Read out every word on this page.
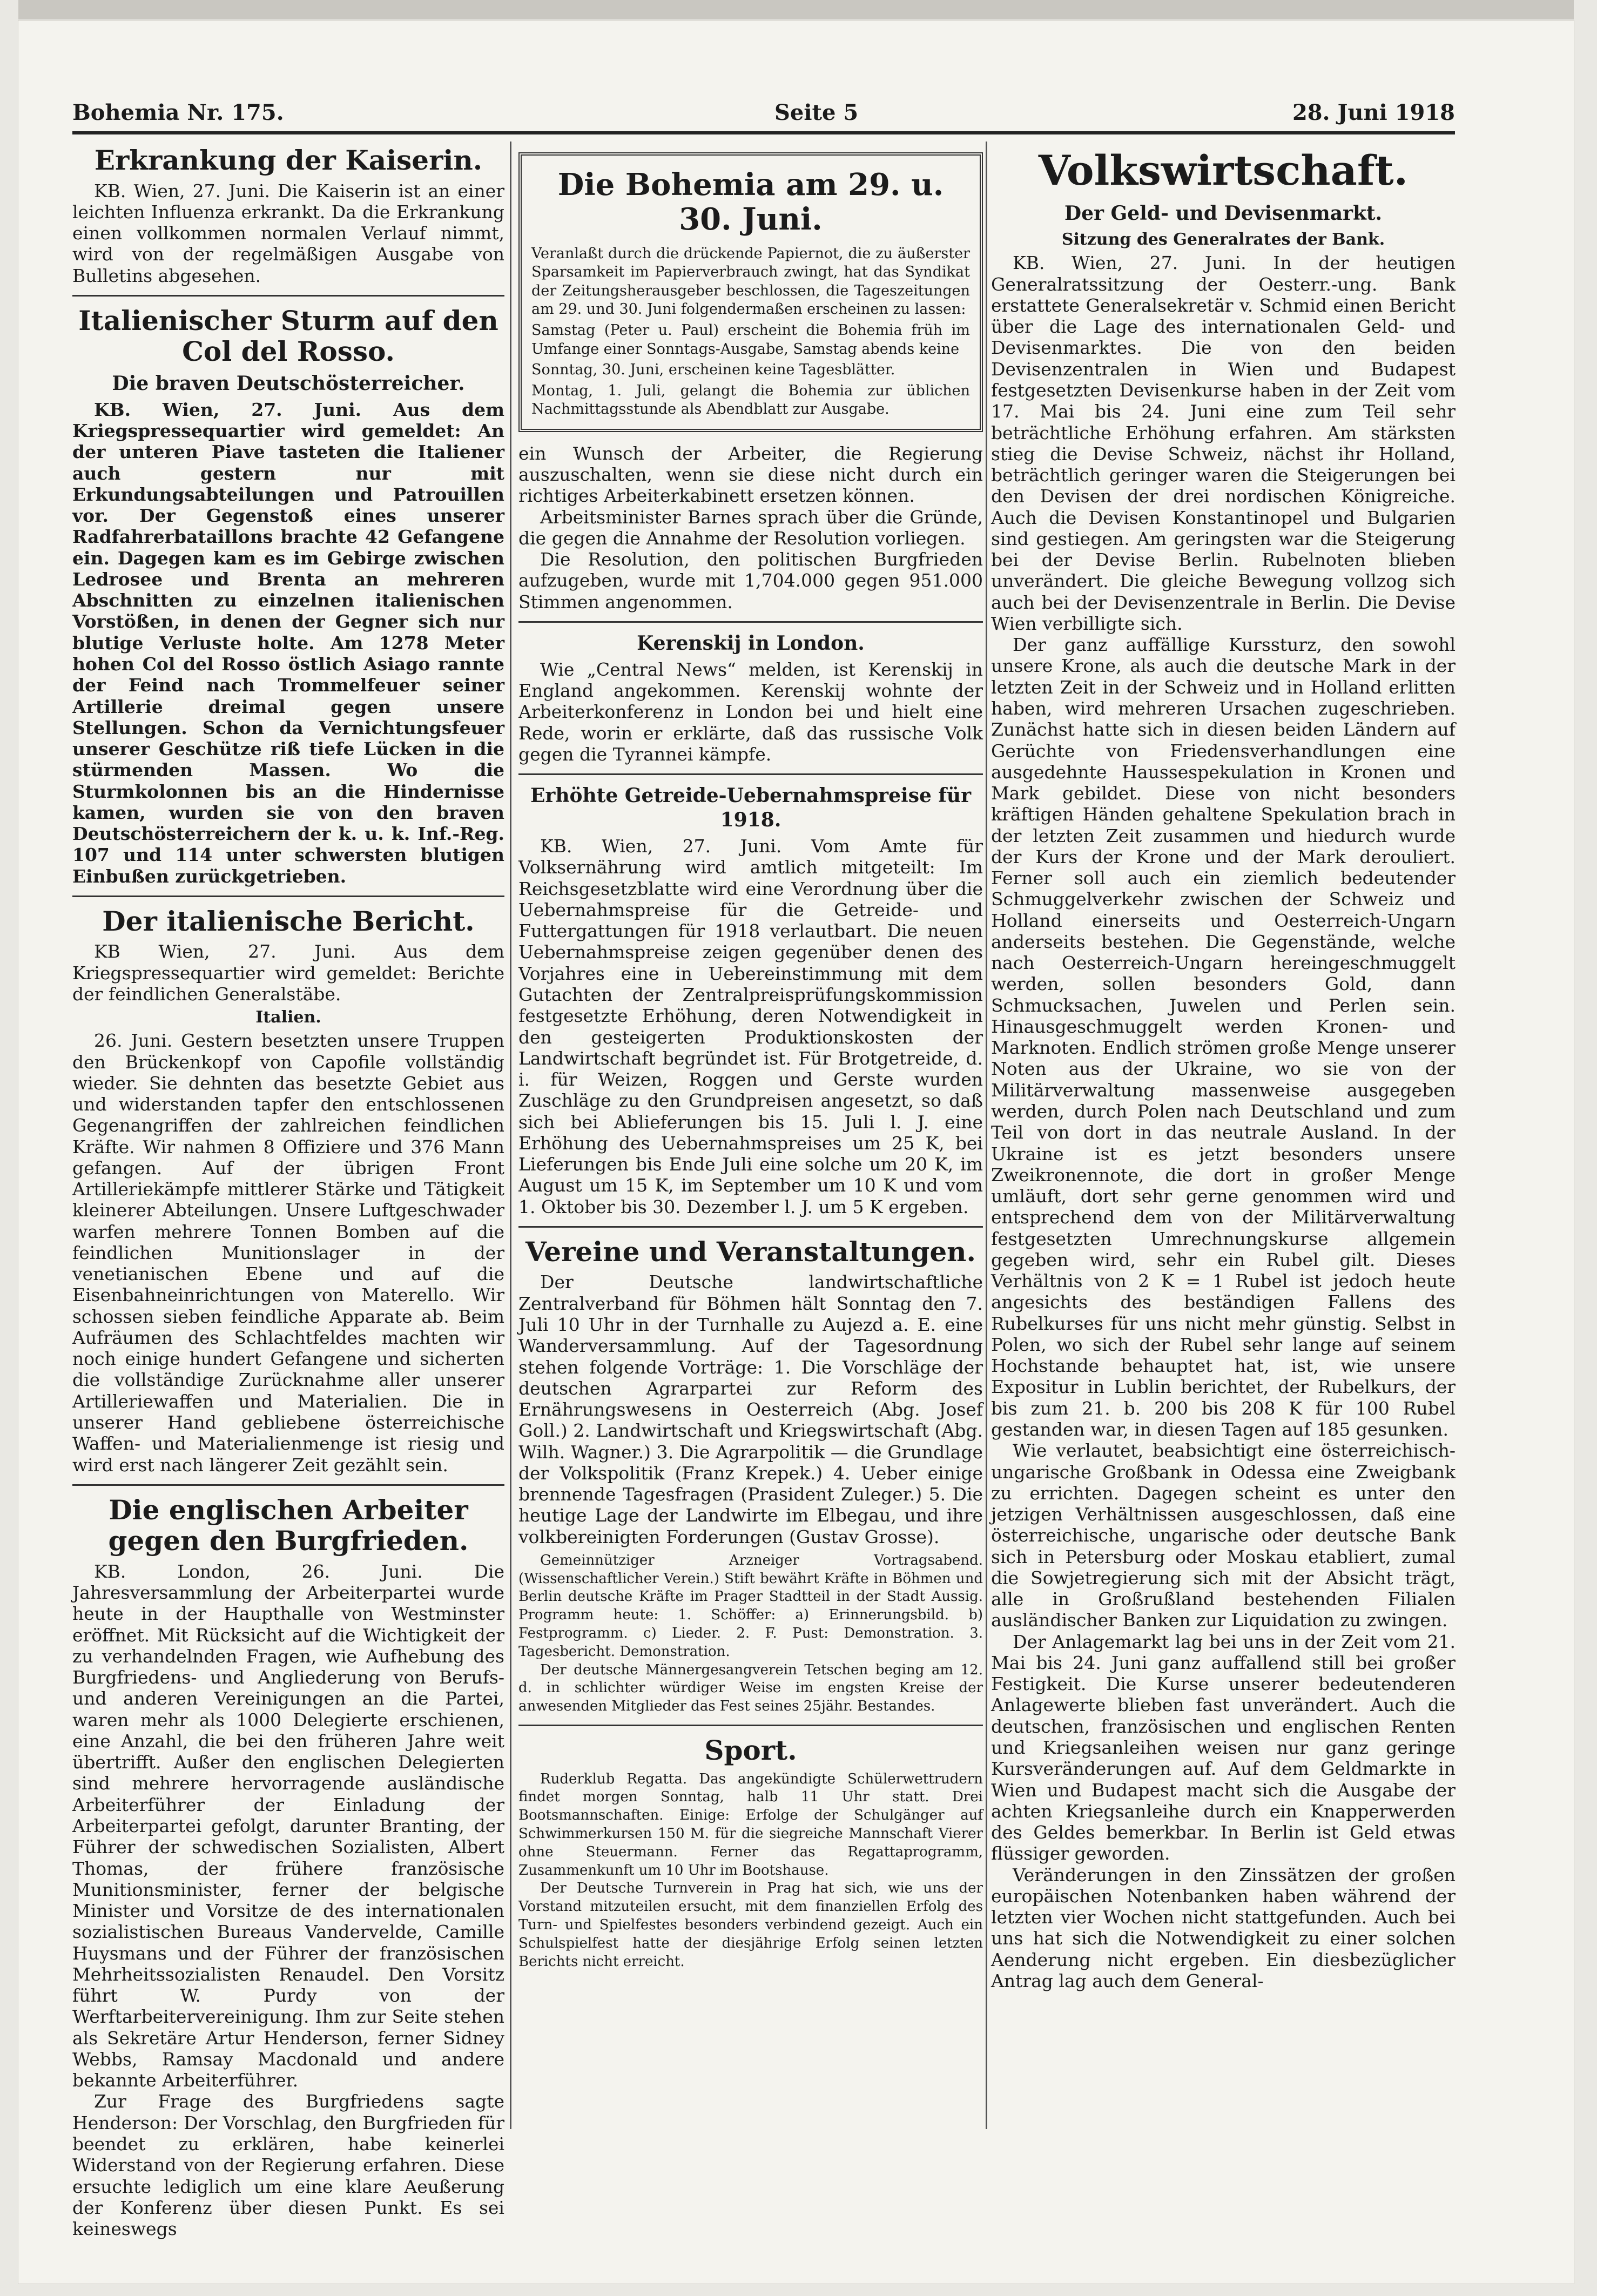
Bohemia Nr. 175.	Seite 5	28. Juni 1918
Erkrankung der Kaiserin.

KB. Wien, 27. Juni. Die Kaiserin ist an einer leichten Influenza erkrankt. Da die Erkrankung einen vollkommen normalen Verlauf nimmt, wird von der regelmäßigen Ausgabe von Bulletins abgesehen.

Italienischer Sturm auf den Col del Rosso.
Die braven Deutschösterreicher.

KB. Wien, 27. Juni. Aus dem Kriegspressequartier wird gemeldet: An der unteren Piave tasteten die Italiener auch gestern nur mit Erkundungsabteilungen und Patrouillen vor. Der Gegenstoß eines unserer Radfahrerbataillons brachte 42 Gefangene ein. Dagegen kam es im Gebirge zwischen Ledrosee und Brenta an mehreren Abschnitten zu einzelnen italienischen Vorstößen, in denen der Gegner sich nur blutige Verluste holte. Am 1278 Meter hohen Col del Rosso östlich Asiago rannte der Feind nach Trommelfeuer seiner Artillerie dreimal gegen unsere Stellungen. Schon da Vernichtungsfeuer unserer Geschütze riß tiefe Lücken in die stürmenden Massen. Wo die Sturmkolonnen bis an die Hindernisse kamen, wurden sie von den braven Deutschösterreichern der k. u. k. Inf.-Reg. 107 und 114 unter schwersten blutigen Einbußen zurückgetrieben.

Der italienische Bericht.

KB Wien, 27. Juni. Aus dem Kriegspressequartier wird gemeldet: Berichte der feindlichen Generalstäbe.

Italien.

26. Juni. Gestern besetzten unsere Truppen den Brückenkopf von Capofile vollständig wieder. Sie dehnten das besetzte Gebiet aus und widerstanden tapfer den entschlossenen Gegenangriffen der zahlreichen feindlichen Kräfte. Wir nahmen 8 Offiziere und 376 Mann gefangen. Auf der übrigen Front Artilleriekämpfe mittlerer Stärke und Tätigkeit kleinerer Abteilungen. Unsere Luftgeschwader warfen mehrere Tonnen Bomben auf die feindlichen Munitionslager in der venetianischen Ebene und auf die Eisenbahneinrichtungen von Materello. Wir schossen sieben feindliche Apparate ab. Beim Aufräumen des Schlachtfeldes machten wir noch einige hundert Gefangene und sicherten die vollständige Zurücknahme aller unserer Artilleriewaffen und Materialien. Die in unserer Hand gebliebene österreichische Waffen- und Materialienmenge ist riesig und wird erst nach längerer Zeit gezählt sein.

Die englischen Arbeiter gegen den Burgfrieden.

KB. London, 26. Juni. Die Jahresversammlung der Arbeiterpartei wurde heute in der Haupthalle von Westminster eröffnet. Mit Rücksicht auf die Wichtigkeit der zu verhandelnden Fragen, wie Aufhebung des Burgfriedens- und Angliederung von Berufs- und anderen Vereinigungen an die Partei, waren mehr als 1000 Delegierte erschienen, eine Anzahl, die bei den früheren Jahre weit übertrifft. Außer den englischen Delegierten sind mehrere hervorragende ausländische Arbeiterführer der Einladung der Arbeiterpartei gefolgt, darunter Branting, der Führer der schwedischen Sozialisten, Albert Thomas, der frühere französische Munitionsminister, ferner der belgische Minister und Vorsitze de des internationalen sozialistischen Bureaus Vandervelde, Camille Huysmans und der Führer der französischen Mehrheitssozialisten Renaudel. Den Vorsitz führt W. Purdy von der Werftarbeitervereinigung. Ihm zur Seite stehen als Sekretäre Artur Henderson, ferner Sidney Webbs, Ramsay Macdonald und andere bekannte Arbeiterführer.

Zur Frage des Burgfriedens sagte Henderson: Der Vorschlag, den Burgfrieden für beendet zu erklären, habe keinerlei Widerstand von der Regierung erfahren. Diese ersuchte lediglich um eine klare Aeußerung der Konferenz über diesen Punkt. Es sei keineswegs

Die Bohemia am 29. u. 30. Juni.

Veranlaßt durch die drückende Papiernot, die zu äußerster Sparsamkeit im Papierverbrauch zwingt, hat das Syndikat der Zeitungsherausgeber beschlossen, die Tageszeitungen am 29. und 30. Juni folgendermaßen erscheinen zu lassen:

Samstag (Peter u. Paul) erscheint die Bohemia früh im Umfange einer Sonntags-Ausgabe, Samstag abends keine

Sonntag, 30. Juni, erscheinen keine Tagesblätter.

Montag, 1. Juli, gelangt die Bohemia zur üblichen Nachmittagsstunde als Abendblatt zur Ausgabe.

ein Wunsch der Arbeiter, die Regierung auszuschalten, wenn sie diese nicht durch ein richtiges Arbeiterkabinett ersetzen können.

Arbeitsminister Barnes sprach über die Gründe, die gegen die Annahme der Resolution vorliegen.

Die Resolution, den politischen Burgfrieden aufzugeben, wurde mit 1,704.000 gegen 951.000 Stimmen angenommen.

Kerenskij in London.

Wie „Central News“ melden, ist Kerenskij in England angekommen. Kerenskij wohnte der Arbeiterkonferenz in London bei und hielt eine Rede, worin er erklärte, daß das russische Volk gegen die Tyrannei kämpfe.

Erhöhte Getreide-Uebernahmspreise für 1918.

KB. Wien, 27. Juni. Vom Amte für Volksernährung wird amtlich mitgeteilt: Im Reichsgesetzblatte wird eine Verordnung über die Uebernahmspreise für die Getreide- und Futtergattungen für 1918 verlautbart. Die neuen Uebernahmspreise zeigen gegenüber denen des Vorjahres eine in Uebereinstimmung mit dem Gutachten der Zentralpreisprüfungskommission festgesetzte Erhöhung, deren Notwendigkeit in den gesteigerten Produktionskosten der Landwirtschaft begründet ist. Für Brotgetreide, d. i. für Weizen, Roggen und Gerste wurden Zuschläge zu den Grundpreisen angesetzt, so daß sich bei Ablieferungen bis 15. Juli l. J. eine Erhöhung des Uebernahmspreises um 25 K, bei Lieferungen bis Ende Juli eine solche um 20 K, im August um 15 K, im September um 10 K und vom 1. Oktober bis 30. Dezember l. J. um 5 K ergeben.

Vereine und Veranstaltungen.

Der Deutsche landwirtschaftliche Zentralverband für Böhmen hält Sonntag den 7. Juli 10 Uhr in der Turnhalle zu Aujezd a. E. eine Wanderversammlung. Auf der Tagesordnung stehen folgende Vorträge: 1. Die Vorschläge der deutschen Agrarpartei zur Reform des Ernährungswesens in Oesterreich (Abg. Josef Goll.) 2. Landwirtschaft und Kriegswirtschaft (Abg. Wilh. Wagner.) 3. Die Agrarpolitik — die Grundlage der Volkspolitik (Franz Krepek.) 4. Ueber einige brennende Tagesfragen (Prasident Zuleger.) 5. Die heutige Lage der Landwirte im Elbegau, und ihre volkbereinigten Forderungen (Gustav Grosse).

Gemeinnütziger Arzneiger Vortragsabend. (Wissenschaftlicher Verein.) Stift bewährt Kräfte in Böhmen und Berlin deutsche Kräfte im Prager Stadtteil in der Stadt Aussig. Programm heute: 1. Schöffer: a) Erinnerungsbild. b) Festprogramm. c) Lieder. 2. F. Pust: Demonstration. 3. Tagesbericht. Demonstration.

Der deutsche Männergesangverein Tetschen beging am 12. d. in schlichter würdiger Weise im engsten Kreise der anwesenden Mitglieder das Fest seines 25jähr. Bestandes.

Sport.

Ruderklub Regatta. Das angekündigte Schülerwettrudern findet morgen Sonntag, halb 11 Uhr statt. Drei Bootsmannschaften. Einige: Erfolge der Schulgänger auf Schwimmerkursen 150 M. für die siegreiche Mannschaft Vierer ohne Steuermann. Ferner das Regattaprogramm, Zusammenkunft um 10 Uhr im Bootshause.

Der Deutsche Turnverein in Prag hat sich, wie uns der Vorstand mitzuteilen ersucht, mit dem finanziellen Erfolg des Turn- und Spielfestes besonders verbindend gezeigt. Auch ein Schulspielfest hatte der diesjährige Erfolg seinen letzten Berichts nicht erreicht.

Volkswirtschaft.
Der Geld- und Devisenmarkt.
Sitzung des Generalrates der Bank.

KB. Wien, 27. Juni. In der heutigen Generalratssitzung der Oesterr.-ung. Bank erstattete Generalsekretär v. Schmid einen Bericht über die Lage des internationalen Geld- und Devisenmarktes. Die von den beiden Devisenzentralen in Wien und Budapest festgesetzten Devisenkurse haben in der Zeit vom 17. Mai bis 24. Juni eine zum Teil sehr beträchtliche Erhöhung erfahren. Am stärksten stieg die Devise Schweiz, nächst ihr Holland, beträchtlich geringer waren die Steigerungen bei den Devisen der drei nordischen Königreiche. Auch die Devisen Konstantinopel und Bulgarien sind gestiegen. Am geringsten war die Steigerung bei der Devise Berlin. Rubelnoten blieben unverändert. Die gleiche Bewegung vollzog sich auch bei der Devisenzentrale in Berlin. Die Devise Wien verbilligte sich.

Der ganz auffällige Kurssturz, den sowohl unsere Krone, als auch die deutsche Mark in der letzten Zeit in der Schweiz und in Holland erlitten haben, wird mehreren Ursachen zugeschrieben. Zunächst hatte sich in diesen beiden Ländern auf Gerüchte von Friedensverhandlungen eine ausgedehnte Haussespekulation in Kronen und Mark gebildet. Diese von nicht besonders kräftigen Händen gehaltene Spekulation brach in der letzten Zeit zusammen und hiedurch wurde der Kurs der Krone und der Mark derouliert. Ferner soll auch ein ziemlich bedeutender Schmuggelverkehr zwischen der Schweiz und Holland einerseits und Oesterreich-Ungarn anderseits bestehen. Die Gegenstände, welche nach Oesterreich-Ungarn hereingeschmuggelt werden, sollen besonders Gold, dann Schmucksachen, Juwelen und Perlen sein. Hinausgeschmuggelt werden Kronen- und Marknoten. Endlich strömen große Menge unserer Noten aus der Ukraine, wo sie von der Militärverwaltung massenweise ausgegeben werden, durch Polen nach Deutschland und zum Teil von dort in das neutrale Ausland. In der Ukraine ist es jetzt besonders unsere Zweikronennote, die dort in großer Menge umläuft, dort sehr gerne genommen wird und entsprechend dem von der Militärverwaltung festgesetzten Umrechnungskurse allgemein gegeben wird, sehr ein Rubel gilt. Dieses Verhältnis von 2 K = 1 Rubel ist jedoch heute angesichts des beständigen Fallens des Rubelkurses für uns nicht mehr günstig. Selbst in Polen, wo sich der Rubel sehr lange auf seinem Hochstande behauptet hat, ist, wie unsere Expositur in Lublin berichtet, der Rubelkurs, der bis zum 21. b. 200 bis 208 K für 100 Rubel gestanden war, in diesen Tagen auf 185 gesunken.

Wie verlautet, beabsichtigt eine österreichisch-ungarische Großbank in Odessa eine Zweigbank zu errichten. Dagegen scheint es unter den jetzigen Verhältnissen ausgeschlossen, daß eine österreichische, ungarische oder deutsche Bank sich in Petersburg oder Moskau etabliert, zumal die Sowjetregierung sich mit der Absicht trägt, alle in Großrußland bestehenden Filialen ausländischer Banken zur Liquidation zu zwingen.

Der Anlagemarkt lag bei uns in der Zeit vom 21. Mai bis 24. Juni ganz auffallend still bei großer Festigkeit. Die Kurse unserer bedeutenderen Anlagewerte blieben fast unverändert. Auch die deutschen, französischen und englischen Renten und Kriegsanleihen weisen nur ganz geringe Kursveränderungen auf. Auf dem Geldmarkte in Wien und Budapest macht sich die Ausgabe der achten Kriegsanleihe durch ein Knapperwerden des Geldes bemerkbar. In Berlin ist Geld etwas flüssiger geworden.

Veränderungen in den Zinssätzen der großen europäischen Notenbanken haben während der letzten vier Wochen nicht stattgefunden. Auch bei uns hat sich die Notwendigkeit zu einer solchen Aenderung nicht ergeben. Ein diesbezüglicher Antrag lag auch dem General-
